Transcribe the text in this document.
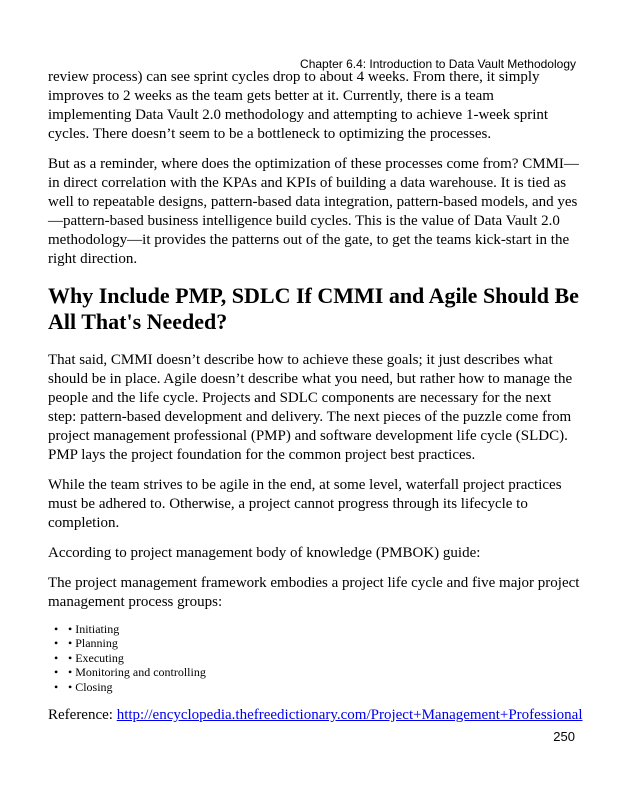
Chapter 6.4: Introduction to Data Vault Methodology

review process) can see sprint cycles drop to about 4 weeks. From there, it simply improves to 2 weeks as the team gets better at it. Currently, there is a team implementing Data Vault 2.0 methodology and attempting to achieve 1-week sprint cycles. There doesn’t seem to be a bottleneck to optimizing the processes.

But as a reminder, where does the optimization of these processes come from? CMMI—in direct correlation with the KPAs and KPIs of building a data warehouse. It is tied as well to repeatable designs, pattern-based data integration, pattern-based models, and yes—pattern-based business intelligence build cycles. This is the value of Data Vault 2.0 methodology—it provides the patterns out of the gate, to get the teams kick-start in the right direction.

Why Include PMP, SDLC If CMMI and Agile Should Be All That's Needed?

That said, CMMI doesn’t describe how to achieve these goals; it just describes what should be in place. Agile doesn’t describe what you need, but rather how to manage the people and the life cycle. Projects and SDLC components are necessary for the next step: pattern-based development and delivery. The next pieces of the puzzle come from project management professional (PMP) and software development life cycle (SLDC). PMP lays the project foundation for the common project best practices.

While the team strives to be agile in the end, at some level, waterfall project practices must be adhered to. Otherwise, a project cannot progress through its lifecycle to completion.

According to project management body of knowledge (PMBOK) guide:

The project management framework embodies a project life cycle and five major project management process groups:

• • Initiating
• • Planning
• • Executing
• • Monitoring and controlling
• • Closing
Reference: http://encyclopedia.thefreedictionary.com/Project+Management+Professional
250
